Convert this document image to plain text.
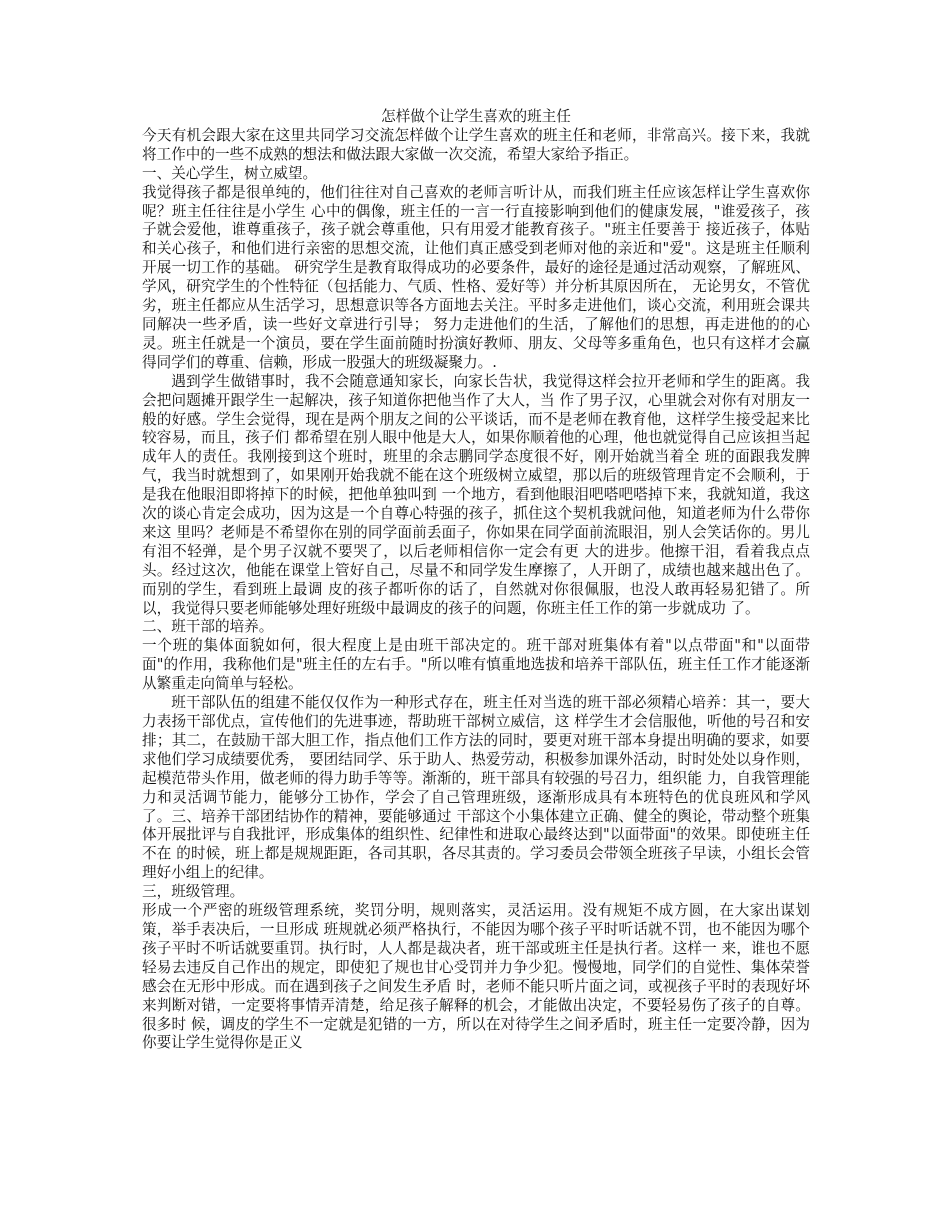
怎样做个让学生喜欢的班主任

今天有机会跟大家在这里共同学习交流怎样做个让学生喜欢的班主任和老师，非常高兴。接下来，我就将工作中的一些不成熟的想法和做法跟大家做一次交流，希望大家给予指正。

一、关心学生，树立威望。

我觉得孩子都是很单纯的，他们往往对自己喜欢的老师言听计从，而我们班主任应该怎样让学生喜欢你呢？班主任往往是小学生 心中的偶像，班主任的一言一行直接影响到他们的健康发展，"谁爱孩子，孩子就会爱他，谁尊重孩子，孩子就会尊重他，只有用爱才能教育孩子。"班主任要善于 接近孩子，体贴和关心孩子，和他们进行亲密的思想交流，让他们真正感受到老师对他的亲近和"爱"。这是班主任顺利开展一切工作的基础。 研究学生是教育取得成功的必要条件，最好的途径是通过活动观察，了解班风、学风，研究学生的个性特征（包括能力、气质、性格、爱好等）并分析其原因所在， 无论男女，不管优劣，班主任都应从生活学习，思想意识等各方面地去关注。平时多走进他们，谈心交流，利用班会课共同解决一些矛盾，读一些好文章进行引导； 努力走进他们的生活，了解他们的思想，再走进他的的心灵。班主任就是一个演员，要在学生面前随时扮演好教师、朋友、父母等多重角色，也只有这样才会赢得同学们的尊重、信赖，形成一股强大的班级凝聚力。.

遇到学生做错事时，我不会随意通知家长，向家长告状，我觉得这样会拉开老师和学生的距离。我会把问题摊开跟学生一起解决，孩子知道你把他当作了大人，当 作了男子汉，心里就会对你有对朋友一般的好感。学生会觉得，现在是两个朋友之间的公平谈话，而不是老师在教育他，这样学生接受起来比较容易，而且，孩子们 都希望在别人眼中他是大人，如果你顺着他的心理，他也就觉得自己应该担当起成年人的责任。我刚接到这个班时，班里的余志鹏同学态度很不好，刚开始就当着全 班的面跟我发脾气，我当时就想到了，如果刚开始我就不能在这个班级树立威望，那以后的班级管理肯定不会顺利，于是我在他眼泪即将掉下的时候，把他单独叫到 一个地方，看到他眼泪吧嗒吧嗒掉下来，我就知道，我这次的谈心肯定会成功，因为这是一个自尊心特强的孩子，抓住这个契机我就问他，知道老师为什么带你来这 里吗？老师是不希望你在别的同学面前丢面子，你如果在同学面前流眼泪，别人会笑话你的。男儿有泪不轻弹，是个男子汉就不要哭了，以后老师相信你一定会有更 大的进步。他擦干泪，看着我点点头。经过这次，他能在课堂上管好自己，尽量不和同学发生摩擦了，人开朗了，成绩也越来越出色了。而别的学生，看到班上最调 皮的孩子都听你的话了，自然就对你很佩服，也没人敢再轻易犯错了。所以，我觉得只要老师能够处理好班级中最调皮的孩子的问题，你班主任工作的第一步就成功 了。

二、班干部的培养。

一个班的集体面貌如何，很大程度上是由班干部决定的。班干部对班集体有着"以点带面"和"以面带面"的作用，我称他们是"班主任的左右手。"所以唯有慎重地选拔和培养干部队伍，班主任工作才能逐渐从繁重走向简单与轻松。

班干部队伍的组建不能仅仅作为一种形式存在，班主任对当选的班干部必须精心培养：其一，要大力表扬干部优点，宣传他们的先进事迹，帮助班干部树立威信，这 样学生才会信服他，听他的号召和安排；其二，在鼓励干部大胆工作，指点他们工作方法的同时，要更对班干部本身提出明确的要求，如要求他们学习成绩要优秀， 要团结同学、乐于助人、热爱劳动，积极参加课外活动，时时处处以身作则，起模范带头作用，做老师的得力助手等等。渐渐的，班干部具有较强的号召力，组织能 力，自我管理能力和灵活调节能力，能够分工协作，学会了自己管理班级，逐渐形成具有本班特色的优良班风和学风了。三、培养干部团结协作的精神，要能够通过 干部这个小集体建立正确、健全的舆论，带动整个班集体开展批评与自我批评，形成集体的组织性、纪律性和进取心最终达到"以面带面"的效果。即使班主任不在 的时候，班上都是规规距距，各司其职，各尽其责的。学习委员会带领全班孩子早读，小组长会管理好小组上的纪律。

三，班级管理。

形成一个严密的班级管理系统，奖罚分明，规则落实，灵活运用。没有规矩不成方圆，在大家出谋划策，举手表决后，一旦形成 班规就必须严格执行，不能因为哪个孩子平时听话就不罚，也不能因为哪个孩子平时不听话就要重罚。执行时，人人都是裁决者，班干部或班主任是执行者。这样一 来，谁也不愿轻易去违反自己作出的规定，即使犯了规也甘心受罚并力争少犯。慢慢地，同学们的自觉性、集体荣誉感会在无形中形成。而在遇到孩子之间发生矛盾 时，老师不能只听片面之词，或视孩子平时的表现好坏来判断对错，一定要将事情弄清楚，给足孩子解释的机会，才能做出决定，不要轻易伤了孩子的自尊。很多时 候，调皮的学生不一定就是犯错的一方，所以在对待学生之间矛盾时，班主任一定要冷静，因为你要让学生觉得你是正义
